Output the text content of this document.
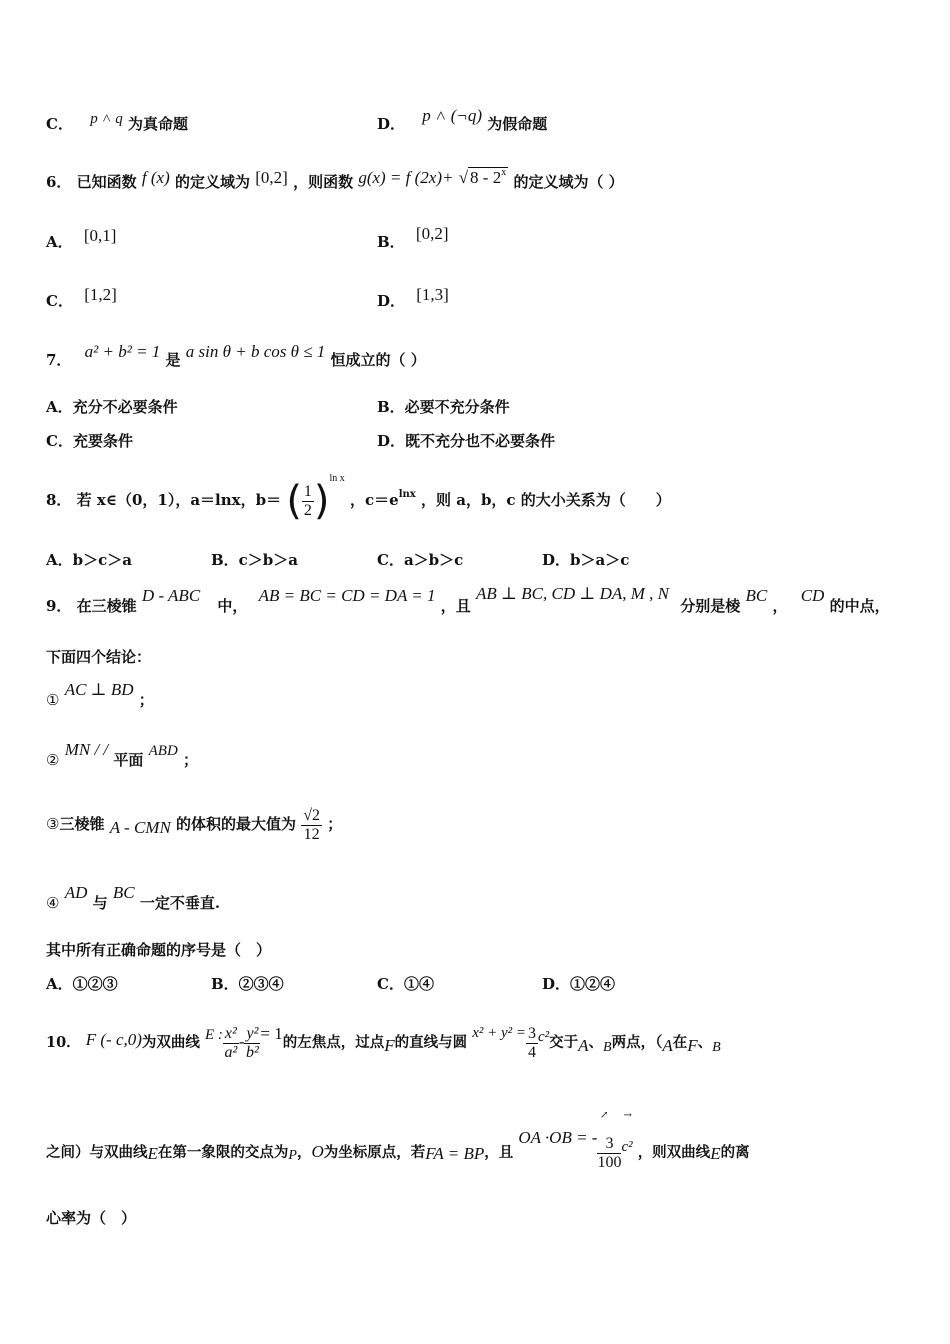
C． p ˄ q 为真命题	D． p ˄ (¬q) 为假命题
6． 已知函数 f (x) 的定义域为 [0,2] ，则函数 g(x) = f (2x)+ √ 8 - 2$^x$ 的定义域为（ ）
A． [0,1]	B． [0,2]
C． [1,2]	D． [1,3]
7． a² + b² = 1 是 a sin θ + b cos θ ≤ 1 恒成立的（ ）
A．充分不必要条件	B．必要不充分条件
C．充要条件	D．既不充分也不必要条件
8． 若 x∈（0，1），a＝lnx，b＝ ( $\frac{1}{2} )^{ln x}$ ，$c=e^{lnx}$ ，则 a，b，c 的大小关系为（　　）
A．b＞c＞a	B．c＞b＞a	C．a＞b＞c	D．b＞a＞c
9． 在三棱锥 D - ABC 中， AB = BC = CD = DA = 1 ，且 AB ⊥ BC, CD ⊥ DA, M , N 分别是棱 BC ， CD 的中点，
下面四个结论：
① AC ⊥ BD ；
② MN / / 平面 ABD ；
③三棱锥 A - CMN 的体积的最大值为 $\frac{√2}{12}$ ；
④ AD 与 BC 一定不垂直.
其中所有正确命题的序号是（　）
A．①②③	B．②③④	C．①④	D．①②④
10． F (- c,0)为双曲线 E : $\frac{\text{x²}}{\text{a²}} - \frac{\text{y²}}{\text{b²}} = 1$的左焦点，过点F的直线与圆 $x^2 + y^2 = \frac{3}{4} c^2$交于A、B两点，（A在F、B
↗ →
之间）与双曲线E在第一象限的交点为P，O为坐标原点，若FA = BP，且 OA ·OB = - $\frac{3}{100} c^2$ ，则双曲线E的离
心率为（　）
